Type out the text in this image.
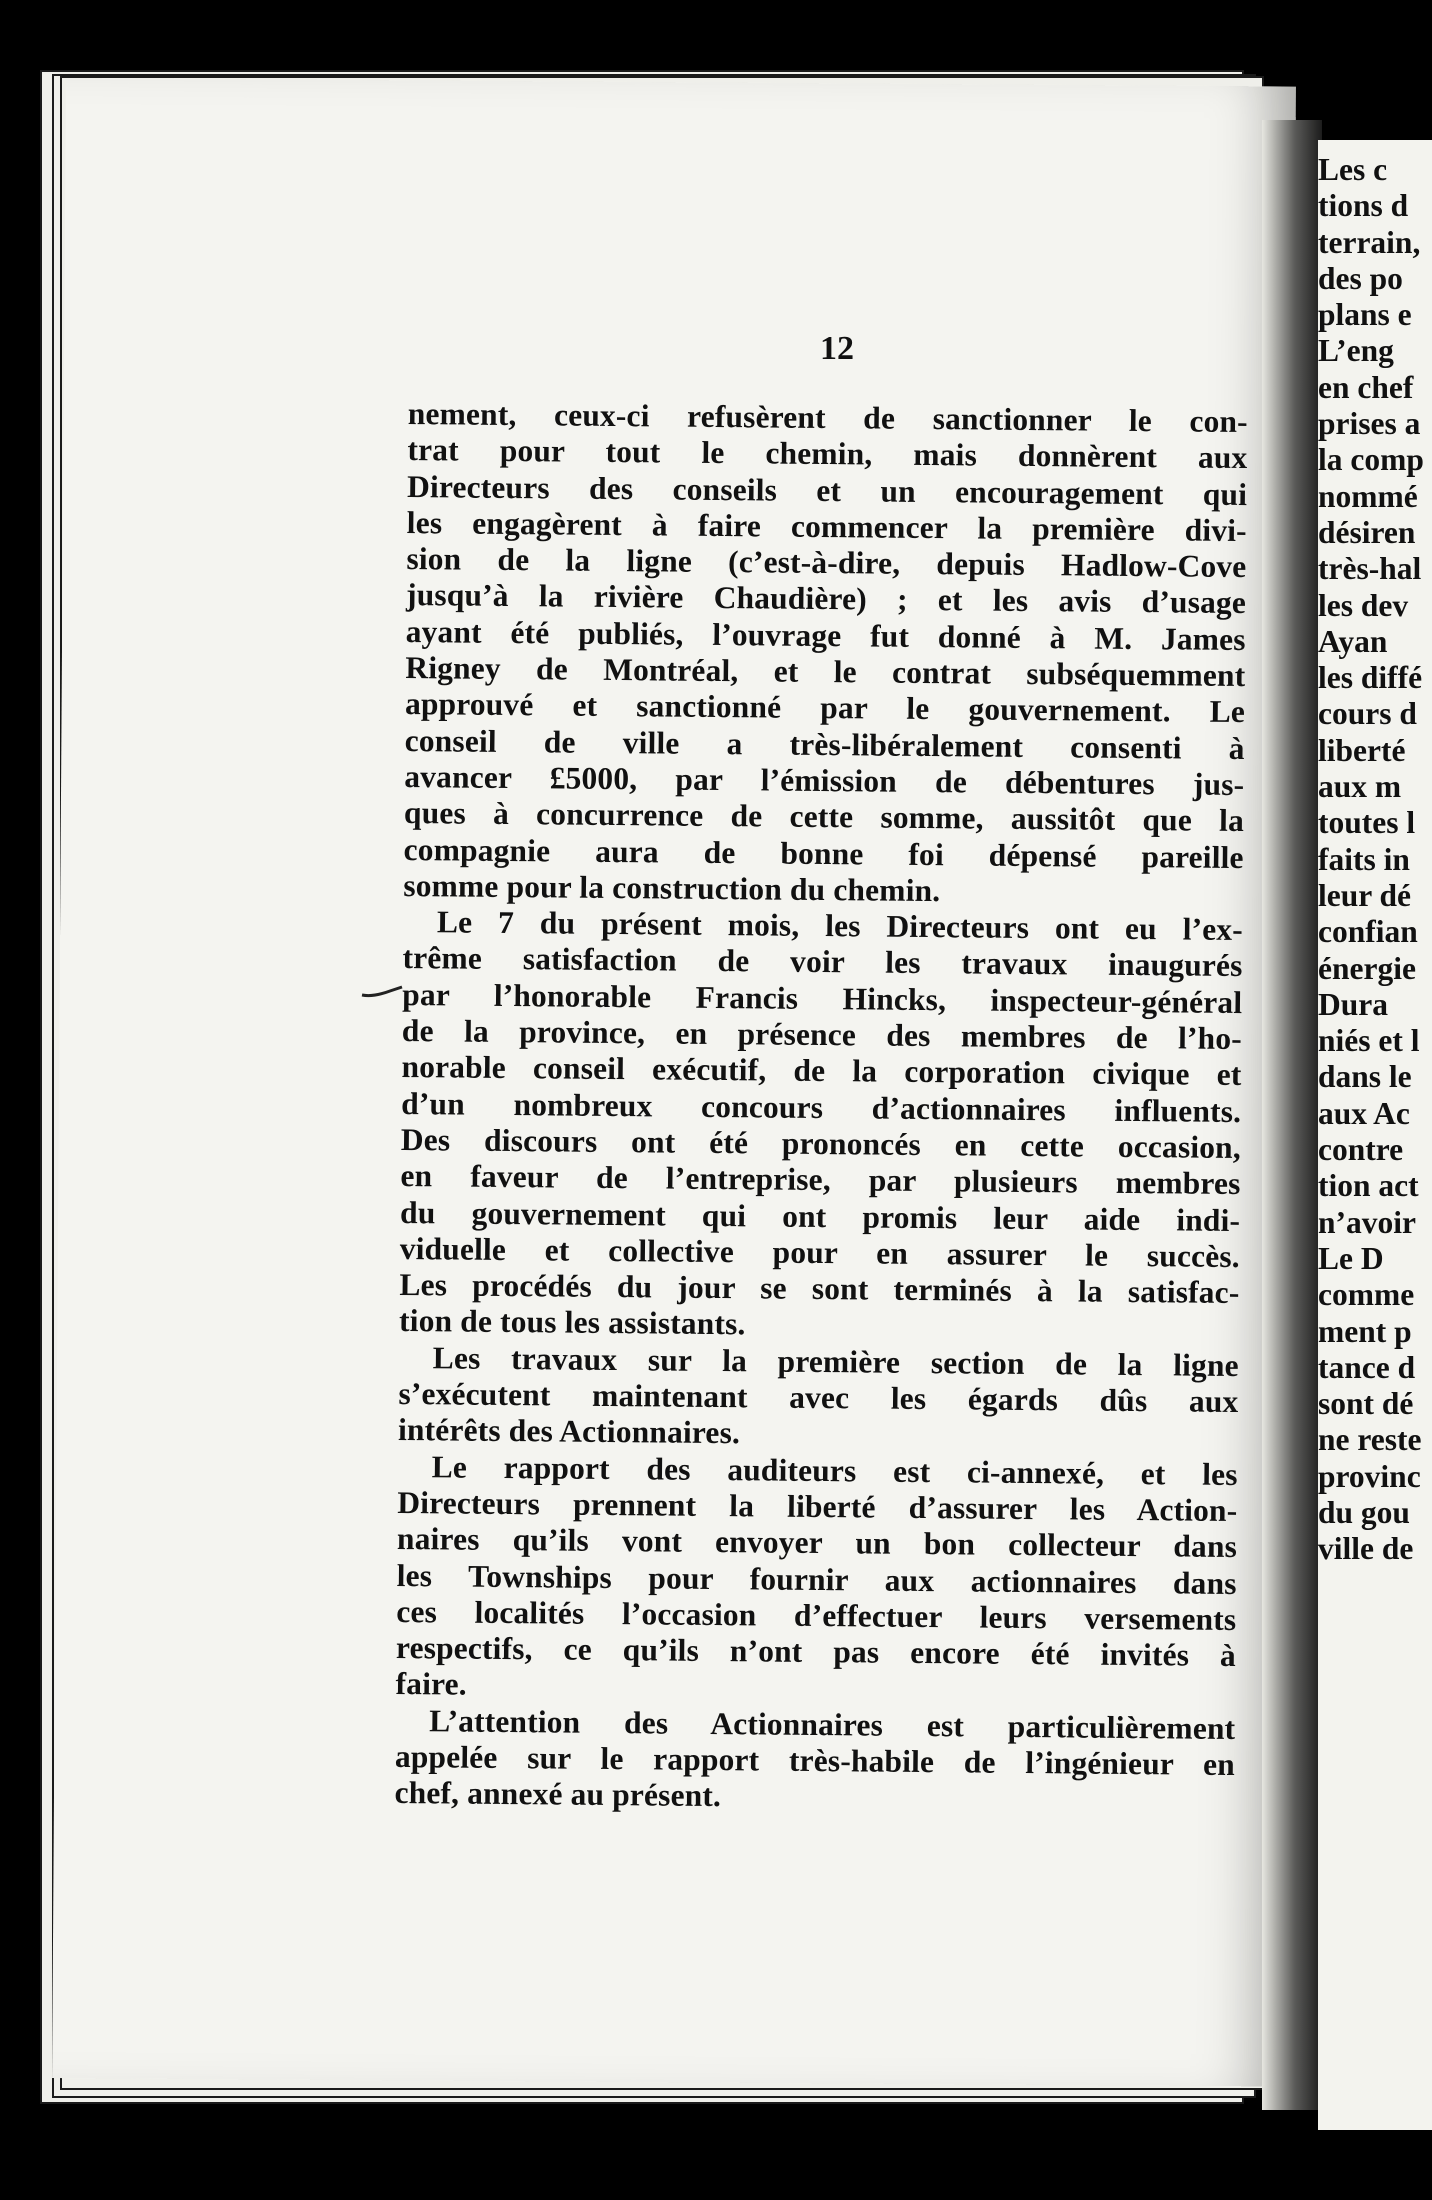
Les c
tions d
terrain,
des po
plans e
L’eng
en chef
prises a
la comp
nommé
désiren
très-hal
les dev
Ayan
les diffé
cours d
liberté
aux m
toutes l
faits in
leur dé
confian
énergie
Dura
niés et l
dans le
aux Ac
contre
tion act
n’avoir
Le D
comme
ment p
tance d
sont dé
ne reste
provinc
du gou
ville de
12
nement, ceux-ci refusèrent de sanctionner le con-
trat pour tout le chemin, mais donnèrent aux
Directeurs des conseils et un encouragement qui
les engagèrent à faire commencer la première divi-
sion de la ligne (c’est-à-dire, depuis Hadlow-Cove
jusqu’à la rivière Chaudière) ; et les avis d’usage
ayant été publiés, l’ouvrage fut donné à M. James
Rigney de Montréal, et le contrat subséquemment
approuvé et sanctionné par le gouvernement. Le
conseil de ville a très-libéralement consenti à
avancer £5000, par l’émission de débentures jus-
ques à concurrence de cette somme, aussitôt que la
compagnie aura de bonne foi dépensé pareille
somme pour la construction du chemin.
Le 7 du présent mois, les Directeurs ont eu l’ex-
trême satisfaction de voir les travaux inaugurés
par l’honorable Francis Hincks, inspecteur-général
de la province, en présence des membres de l’ho-
norable conseil exécutif, de la corporation civique et
d’un nombreux concours d’actionnaires influents.
Des discours ont été prononcés en cette occasion,
en faveur de l’entreprise, par plusieurs membres
du gouvernement qui ont promis leur aide indi-
viduelle et collective pour en assurer le succès.
Les procédés du jour se sont terminés à la satisfac-
tion de tous les assistants.
Les travaux sur la première section de la ligne
s’exécutent maintenant avec les égards dûs aux
intérêts des Actionnaires.
Le rapport des auditeurs est ci-annexé, et les
Directeurs prennent la liberté d’assurer les Action-
naires qu’ils vont envoyer un bon collecteur dans
les Townships pour fournir aux actionnaires dans
ces localités l’occasion d’effectuer leurs versements
respectifs, ce qu’ils n’ont pas encore été invités à
faire.
L’attention des Actionnaires est particulièrement
appelée sur le rapport très-habile de l’ingénieur en
chef, annexé au présent.
